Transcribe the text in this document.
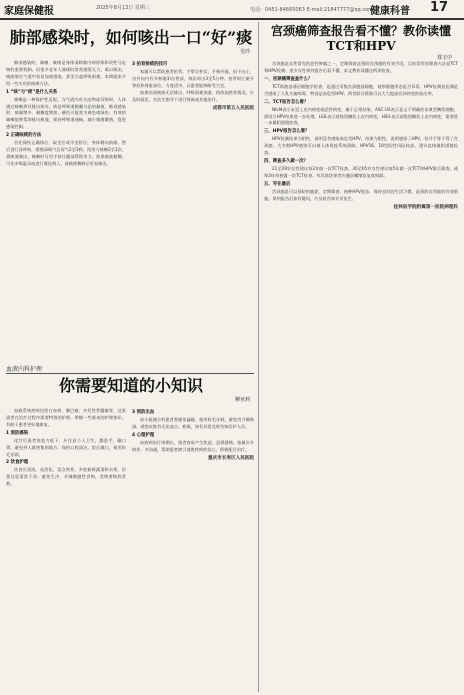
家庭保健报	2025年8月13日 星期三	电话：0451-84665063 E-mail:21847777@qq.com
健康科普 17
肺部感染时，如何咳出一口“好”痰
吴玲

肺部感染时，咳嗽、咳痰是身体清除肺内病原体和炎性分泌物的重要机制。但很多老年人咳痰时常常感觉无力，难以咳出，痰液堵在气道中容易加重感染，甚至引起呼吸困难。本期就来介绍一些实用的排痰方法。

1 “咳”与“痰”是什么关系

咳嗽是一种保护性反射。当气道内有分泌物或异物时，人体通过咳嗽将其排出体外。痰是呼吸道黏膜分泌的黏液，肺部感染时，痰量增多、黏稠度增加，颜色可能变为黄色或绿色。有效的咳嗽能够帮助排出痰液，保持呼吸道通畅，减少细菌繁殖，促进感染控制。

2 正确咳痰的方法

首先保持正确体位，取坐位或半坐卧位，身体稍向前倾。然后进行深呼吸，缓慢深吸气后屏气2至3秒，再用力咳嗽2至3次，将痰液咳出。咳嗽时可用手按压腹部帮助用力。如果痰液黏稠，可先多喝温水或进行雾化吸入，使痰液稀释后更易咳出。

3 拍背排痰的技巧

家属可以帮助患者拍背。手掌呈杯状，手指并拢，由下向上、由外向内有节奏地叩击背部，每次叩击3至5分钟。拍背时应避开脊柱和肾脏部位，力度适中，以患者能够耐受为宜。

如果出现痰液无法排出、呼吸困难加重、持续高热等情况，应及时就医，在医生指导下进行吸痰或其他治疗。

成都市第五人民医院
血液内科护理
你需要知道的小知识
柳亚莉

血液系统疾病包括白血病、淋巴瘤、多发性骨髓瘤等，这类患者在治疗过程中需要特别的护理。掌握一些基本的护理知识，有助于患者更好地康复。

1 预防感染

化疗后患者免疫力低下，应注意个人卫生，勤洗手，戴口罩，避免到人群密集的地方。保持口腔清洁，饭后漱口，使用软毛牙刷。

2 饮食护理

饮食应清淡、易消化、富含营养，多吃新鲜蔬菜和水果，但要注意清洗干净。避免生冷、辛辣刺激性食物，食物要彻底煮熟。

3 预防出血

血小板减少的患者要避免磕碰，使用软毛牙刷，避免用力擤鼻涕。观察皮肤有无出血点、瘀斑，如有异常及时告知医护人员。

4 心理护理

血液病治疗周期长，患者容易产生焦虑、恐惧情绪。家属应多陪伴、多沟通，帮助患者树立战胜疾病的信心，积极配合治疗。

重庆市长寿区人民医院
宫颈癌筛查报告看不懂？教你读懂TCT和HPV
郑玉中

宫颈癌是女性常见的恶性肿瘤之一，定期筛查是预防宫颈癌的有效手段。目前常用的筛查方法是TCT和HPV检测。很多女性拿到报告后看不懂，本文教你读懂这两项检查。

一、宫颈癌筛查查什么？

TCT即液基薄层细胞学检查，是通过采集宫颈脱落细胞，观察细胞形态是否异常。HPV检测是检测是否感染了人乳头瘤病毒，特别是高危型HPV。两者联合筛查可以大大提高宫颈病变的检出率。

二、TCT报告怎么看？

NILM表示未见上皮内病变或恶性病变，属于正常结果。ASC-US表示意义不明确的非典型鳞状细胞，需结合HPV结果进一步处理。LSIL表示低级别鳞状上皮内病变，HSIL表示高级别鳞状上皮内病变，需要进一步做阴道镜检查。

三、HPV报告怎么看？

HPV检测结果为阴性，说明没有感染高危型HPV。结果为阳性，说明感染了HPV，但并不等于得了宫颈癌。大多数HPV感染可以被人体免疫系统清除。HPV16、18型阳性风险较高，建议直接做阴道镜检查。

四、筛查多久做一次？

21至29岁女性建议每3年做一次TCT检查。30至65岁女性建议每5年做一次TCT和HPV联合筛查，或每3年单独做一次TCT检查。有异常结果者应遵医嘱缩短复查间隔。

五、写在最后

宫颈癌是可以预防的癌症。定期筛查、接种HPV疫苗、保持良好的生活习惯，是预防宫颈癌的有效措施。拿到报告后如有疑问，应及时咨询专业医生。

桂林医学院附属第一医院病理科
